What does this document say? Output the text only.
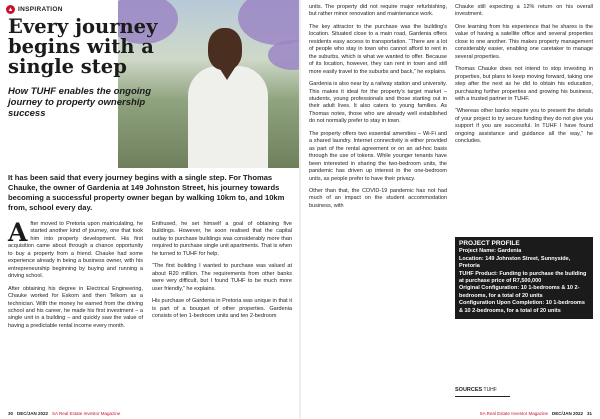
▲ INSPIRATION
Every journey begins with a single step
How TUHF enables the ongoing journey to property ownership success
It has been said that every journey begins with a single step. For Thomas Chauke, the owner of Gardenia at 149 Johnston Street, his journey towards becoming a successful property owner began by walking 10km to, and 10km from, school every day.

After moved to Pretoria upon matriculating, he started another kind of journey, one that took him into property development. His first acquisition came about through a chance opportunity to buy a property from a friend. Chauke had some experience already in being a business owner, with his entrepreneurship beginning by buying and running a driving school.

After obtaining his degree in Electrical Engineering, Chauke worked for Eskom and then Telkom as a technician. With the money he earned from the driving school and his career, he made his first investment – a single unit in a building – and quickly saw the value of having a predictable rental income every month.

Enthused, he set himself a goal of obtaining five buildings. However, he soon realised that the capital outlay to purchase buildings was considerably more than required to purchase single unit apartments. That is when he turned to TUHF for help.

“The first building I wanted to purchase was valued at about R20 million. The requirements from other banks were very difficult, but I found TUHF to be much more user friendly,” he explains.

His purchase of Gardenia in Pretoria was unique in that it is part of a bouquet of other properties. Gardenia consists of ten 1-bedroom units and ten 2-bedroom

30 DEC/JAN 2022 SA Real Estate Investor Magazine

units. The property did not require major refurbishing, but rather minor renovation and maintenance work.

The key attractor to the purchase was the building's location. Situated close to a main road, Gardenia offers residents easy access to transportation. “There are a lot of people who stay in town who cannot afford to rent in the suburbs, which is what we wanted to offer. Because of its location, however, they can rent in town and still more easily travel to the suburbs and back,” he explains.

Gardenia is also near by a railway station and university. This makes it ideal for the property's target market – students, young professionals and those starting out in their adult lives. It also caters to young families. As Thomas notes, those who are already well established do not normally prefer to stay in town.

The property offers two essential amenities – Wi-Fi and a shared laundry. Internet connectivity is either provided as part of the rental agreement or on an ad-hoc basis through the use of tokens. While younger tenants have been interested in sharing the two-bedroom units, the pandemic has driven up interest in the one-bedroom units, as people prefer to have their privacy.

Other than that, the COVID-19 pandemic has not had much of an impact on the student accommodation business, with

Chauke still expecting a 12% return on his overall investment.

One learning from his experience that he shares is the value of having a satellite office and several properties close to one another. This makes property management considerably easier, enabling one caretaker to manage several properties.

Thomas Chauke does not intend to stop investing in properties, but plans to keep moving forward, taking one step after the next as he did to obtain his education, purchasing further properties and growing his business, with a trusted partner in TUHF.

“Whereas other banks require you to present the details of your project to try secure funding they do not give you support if you are successful. In TUHF I have found ongoing assistance and guidance all the way,” he concludes.

PROJECT PROFILE
Project Name: Gardenia
Location: 149 Johnston Street, Sunnyside, Pretoria
TUHF Product: Funding to purchase the building at purchase price of R7,500,000
Original Configuration: 10 1-bedrooms & 10 2-bedrooms, for a total of 20 units
Configuration Upon Completion: 10 1-bedrooms & 10 2-bedrooms, for a total of 20 units
SOURCES TUHF
SA Real Estate Investor Magazine DEC/JAN 2022 31
